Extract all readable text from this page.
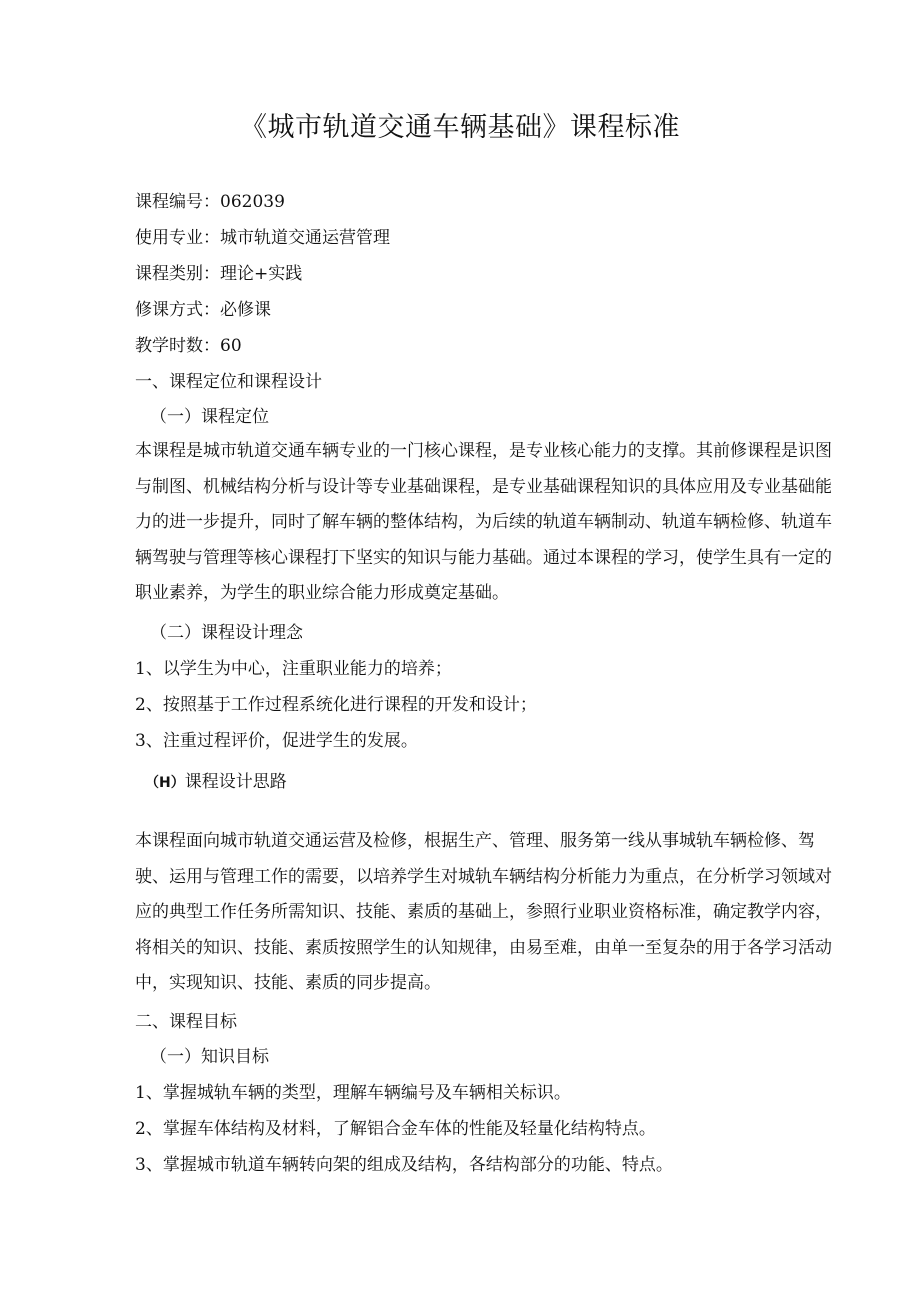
《城市轨道交通车辆基础》课程标准
课程编号：062039
使用专业：城市轨道交通运营管理
课程类别：理论+实践
修课方式：必修课
教学时数：60
一、课程定位和课程设计
（一）课程定位
本课程是城市轨道交通车辆专业的一门核心课程，是专业核心能力的支撑。其前修课程是识图与制图、机械结构分析与设计等专业基础课程，是专业基础课程知识的具体应用及专业基础能力的进一步提升，同时了解车辆的整体结构，为后续的轨道车辆制动、轨道车辆检修、轨道车辆驾驶与管理等核心课程打下坚实的知识与能力基础。通过本课程的学习，使学生具有一定的职业素养，为学生的职业综合能力形成奠定基础。
（二）课程设计理念
1、以学生为中心，注重职业能力的培养；
2、按照基于工作过程系统化进行课程的开发和设计；
3、注重过程评价，促进学生的发展。
（H）课程设计思路
本课程面向城市轨道交通运营及检修，根据生产、管理、服务第一线从事城轨车辆检修、驾驶、运用与管理工作的需要，以培养学生对城轨车辆结构分析能力为重点，在分析学习领域对应的典型工作任务所需知识、技能、素质的基础上，参照行业职业资格标准，确定教学内容，将相关的知识、技能、素质按照学生的认知规律，由易至难，由单一至复杂的用于各学习活动中，实现知识、技能、素质的同步提高。
二、课程目标
（一）知识目标
1、掌握城轨车辆的类型，理解车辆编号及车辆相关标识。
2、掌握车体结构及材料，了解铝合金车体的性能及轻量化结构特点。
3、掌握城市轨道车辆转向架的组成及结构，各结构部分的功能、特点。
